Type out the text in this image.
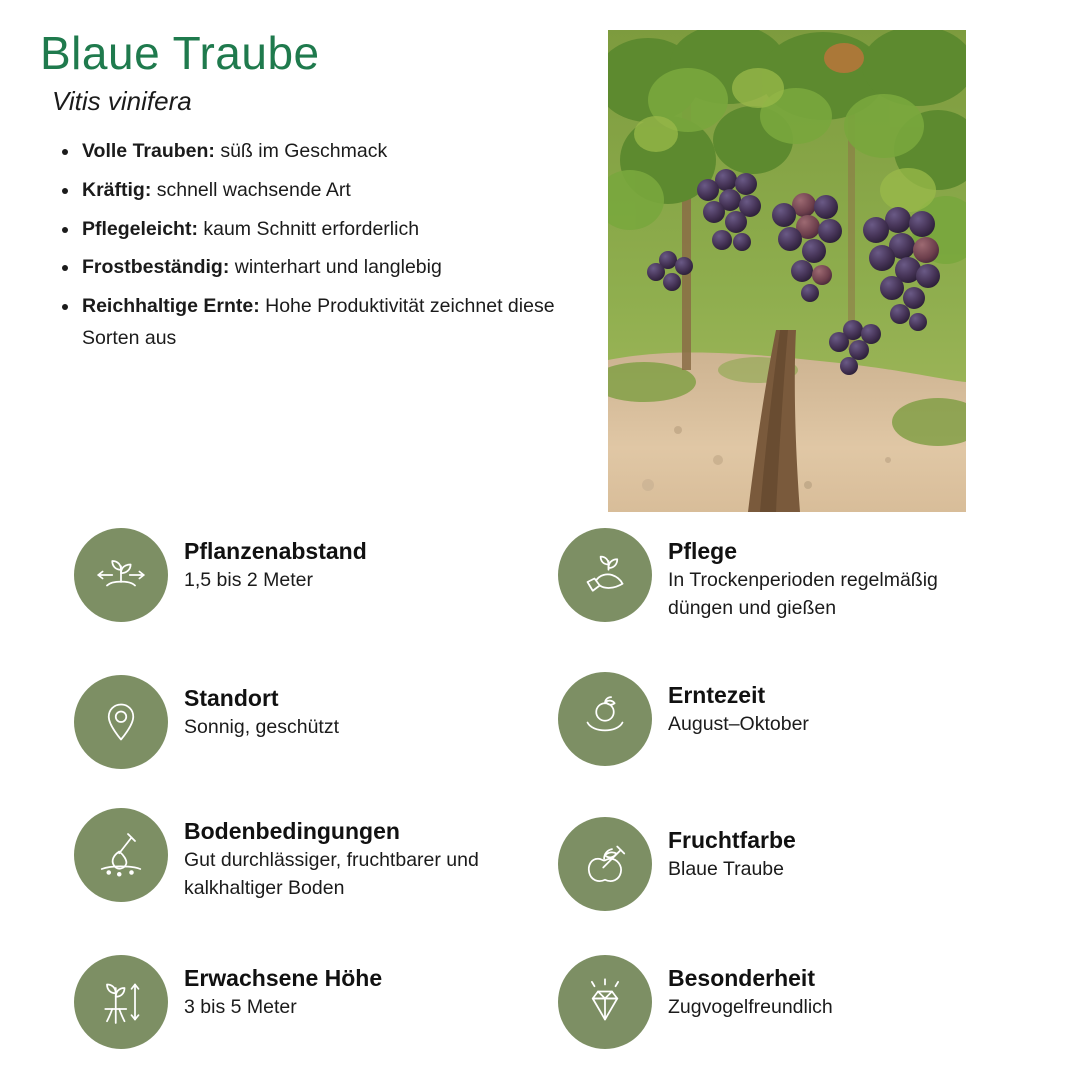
Blaue Traube
Vitis vinifera
Volle Trauben: süß im Geschmack
Kräftig: schnell wachsende Art
Pflegeleicht: kaum Schnitt erforderlich
Frostbeständig: winterhart und langlebig
Reichhaltige Ernte: Hohe Produktivität zeichnet diese Sorten aus
Pflanzenabstand
1,5 bis 2 Meter
Standort
Sonnig, geschützt
Bodenbedingungen
Gut durchlässiger, fruchtbarer und kalkhaltiger Boden
Erwachsene Höhe
3 bis 5 Meter
Pflege
In Trockenperioden regelmäßig düngen und gießen
Erntezeit
August–Oktober
Fruchtfarbe
Blaue Traube
Besonderheit
Zugvogelfreundlich
